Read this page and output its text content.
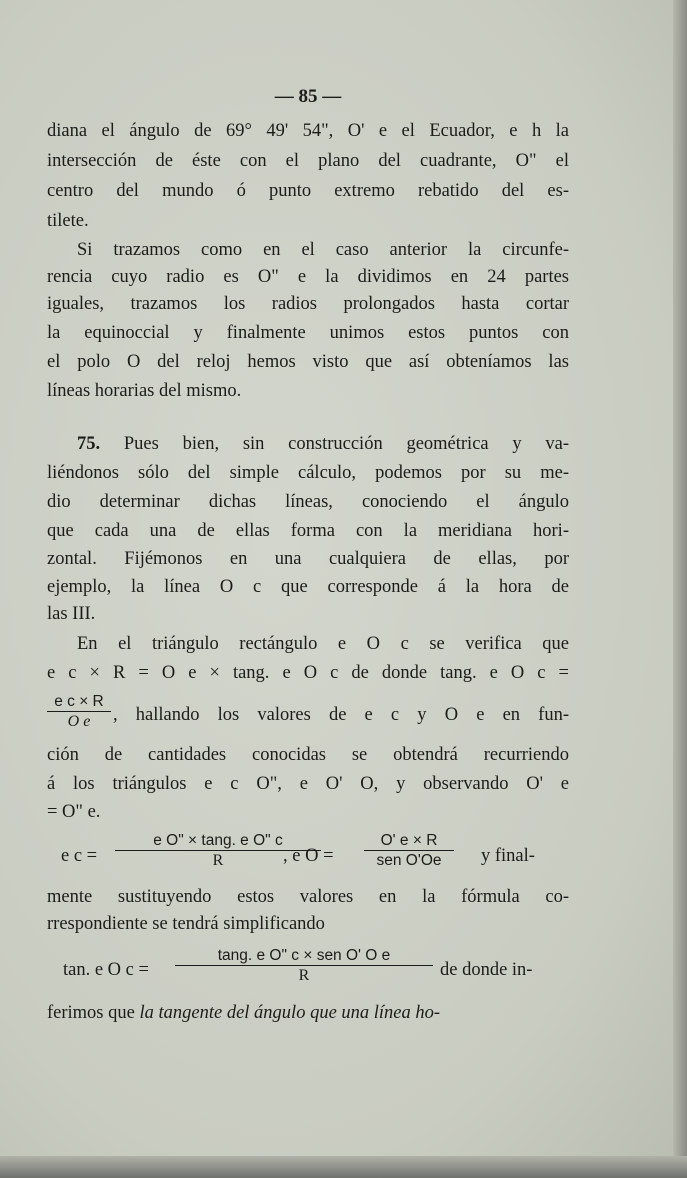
— 85 —
diana el ángulo de 69° 49' 54", O' e el Ecuador, e h la
intersección de éste con el plano del cuadrante, O" el
centro del mundo ó punto extremo rebatido del es-
tilete.
Si trazamos como en el caso anterior la circunfe-
rencia cuyo radio es O" e la dividimos en 24 partes
iguales, trazamos los radios prolongados hasta cortar
la equinoccial y finalmente unimos estos puntos con
el polo O del reloj hemos visto que así obteníamos las
líneas horarias del mismo.
75. Pues bien, sin construcción geométrica y va-
liéndonos sólo del simple cálculo, podemos por su me-
dio determinar dichas líneas, conociendo el ángulo
que cada una de ellas forma con la meridiana hori-
zontal. Fijémonos en una cualquiera de ellas, por
ejemplo, la línea O c que corresponde á la hora de
las III.
En el triángulo rectángulo e O c se verifica que
e c × R = O e × tang. e O c de donde tang. e O c =
$\frac{\text{e c × R}}{\text{O e}}$ , hallando los valores de e c y O e en fun-
ción de cantidades conocidas se obtendrá recurriendo
á los triángulos e c O", e O' O, y observando O' e
= O" e.
e $c = \frac{\text{e O" × tang. e O" c}}{R}$
, e O =
O' e × R
sen O'Oe	y final-
mente sustituyendo estos valores en la fórmula co-
rrespondiente se tendrá simplificando
tan. e O c =
tang. e O" c × sen O' O e
R	de donde in-
ferimos que la tangente del ángulo que una línea ho-
